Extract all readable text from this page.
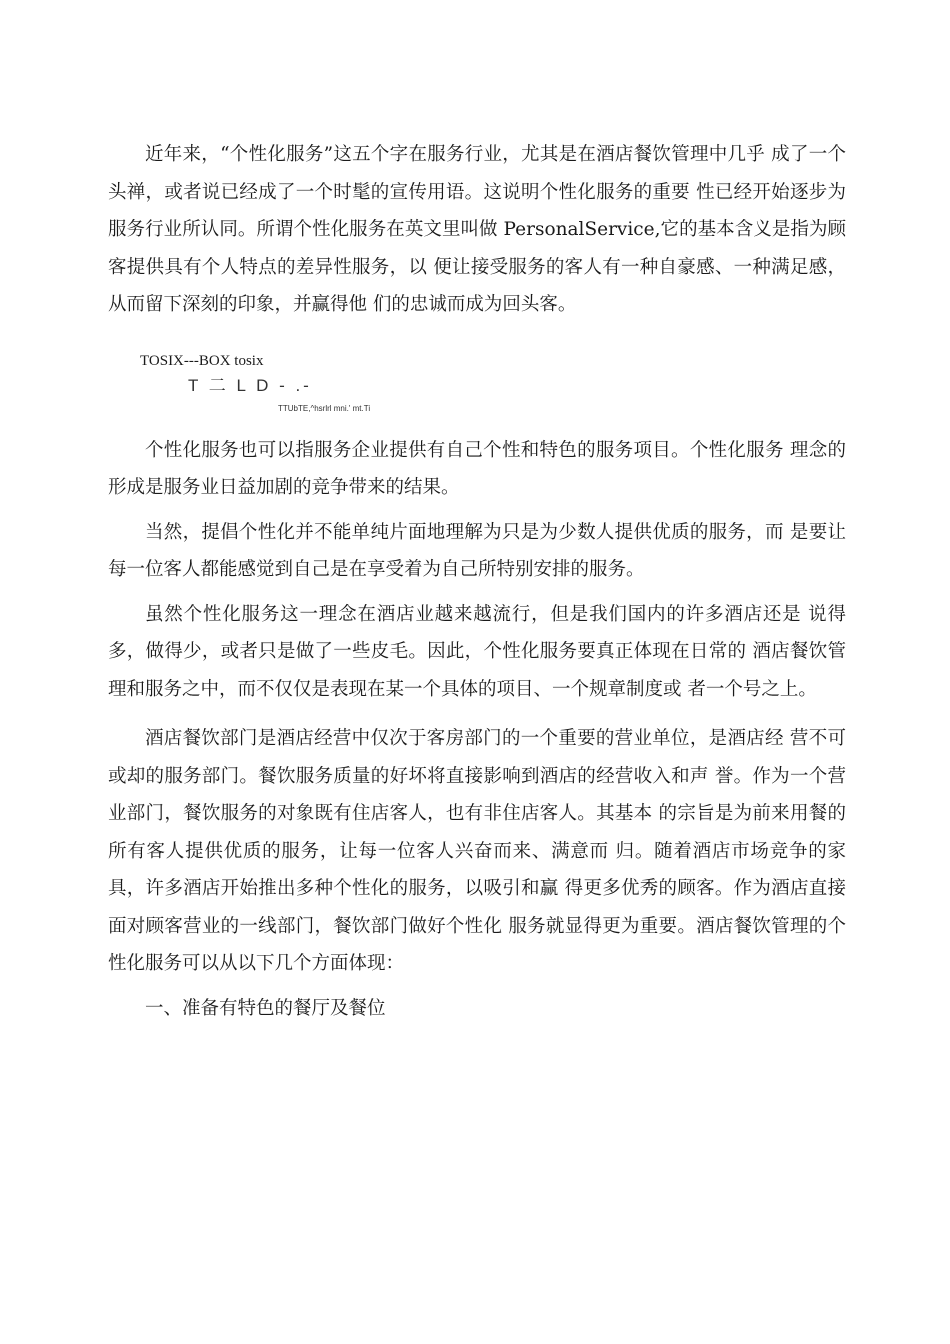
近年来，“个性化服务”这五个字在服务行业，尤其是在酒店餐饮管理中几乎 成了一个头禅，或者说已经成了一个时髦的宣传用语。这说明个性化服务的重要 性已经开始逐步为服务行业所认同。所谓个性化服务在英文里叫做 PersonalService,它的基本含义是指为顾客提供具有个人特点的差异性服务，以 便让接受服务的客人有一种自豪感、一种满足感，从而留下深刻的印象，并赢得他 们的忠诚而成为回头客。

TOSIX---BOX tosix
T 二 L D - .-
TTUbTE,^hsrlrl mni.' mt.Ti

个性化服务也可以指服务企业提供有自己个性和特色的服务项目。个性化服务 理念的形成是服务业日益加剧的竞争带来的结果。

当然，提倡个性化并不能单纯片面地理解为只是为少数人提供优质的服务，而 是要让每一位客人都能感觉到自己是在享受着为自己所特别安排的服务。

虽然个性化服务这一理念在酒店业越来越流行，但是我们国内的许多酒店还是 说得多，做得少，或者只是做了一些皮毛。因此，个性化服务要真正体现在日常的 酒店餐饮管理和服务之中，而不仅仅是表现在某一个具体的项目、一个规章制度或 者一个号之上。

酒店餐饮部门是酒店经营中仅次于客房部门的一个重要的营业单位，是酒店经 营不可或却的服务部门。餐饮服务质量的好坏将直接影响到酒店的经营收入和声 誉。作为一个营业部门，餐饮服务的对象既有住店客人，也有非住店客人。其基本 的宗旨是为前来用餐的所有客人提供优质的服务，让每一位客人兴奋而来、满意而 归。随着酒店市场竞争的家具，许多酒店开始推出多种个性化的服务，以吸引和赢 得更多优秀的顾客。作为酒店直接面对顾客营业的一线部门，餐饮部门做好个性化 服务就显得更为重要。酒店餐饮管理的个性化服务可以从以下几个方面体现：

一、准备有特色的餐厅及餐位
